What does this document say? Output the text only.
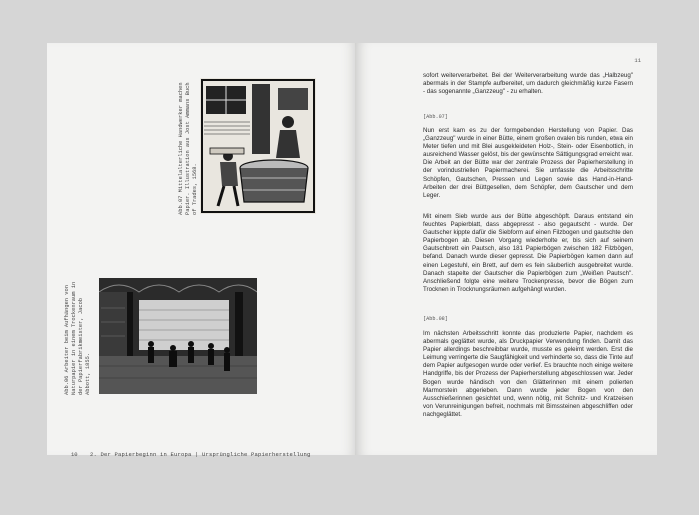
Abb.07 Mittelalterliche Handwerker machen Papier. Illustration aus Jost Ammans Buch of Trades, 1568.
Abb.06 Arbeiter beim Aufhängen von Naturpapier in einem Trockenraum in der Papierfabrikmeister, Jacob Abbott, 1855.
10 2. Der Papierbeginn in Europa | Ursprüngliche Papierherstellung
11
sofort weiterverarbeitet. Bei der Weiterverarbeitung wurde das „Halbzeug" abermals in der Stampfe aufbereitet, um dadurch gleichmäßig kurze Fasern - das sogenannte „Ganzzeug" - zu erhalten.
[Abb.07]
Nun erst kam es zu der formgebenden Herstellung von Papier. Das „Ganzzeug" wurde in einer Bütte, einem großen ovalen bis runden, etwa ein Meter tiefen und mit Blei ausgekleideten Holz-, Stein- oder Eisenbottich, in ausreichend Wasser gelöst, bis der gewünschte Sättigungsgrad erreicht war. Die Arbeit an der Bütte war der zentrale Prozess der Papierherstellung in der vorindustriellen Papiermacherei. Sie umfasste die Arbeitsschritte Schöpfen, Gautschen, Pressen und Legen sowie das Hand-in-Hand-Arbeiten der drei Büttgesellen, dem Schöpfer, dem Gautscher und dem Leger.
Mit einem Sieb wurde aus der Bütte abgeschöpft. Daraus entstand ein feuchtes Papierblatt, dass abgepresst - also gegautscht - wurde. Der Gautscher kippte dafür die Siebform auf einen Filzbogen und gautschte den Papierbogen ab. Diesen Vorgang wiederholte er, bis sich auf seinem Gautschbrett ein Pautsch, also 181 Papierbögen zwischen 182 Filzbögen, befand. Danach wurde dieser gepresst. Die Papierbögen kamen dann auf einen Legestuhl, ein Brett, auf dem es fein säuberlich ausgebreitet wurde. Danach stapelte der Gautscher die Papierbögen zum „Weißen Pautsch". Anschließend folgte eine weitere Trockenpresse, bevor die Bögen zum Trocknen in Trocknungsräumen aufgehängt wurden.
[Abb.08]
Im nächsten Arbeitsschritt konnte das produzierte Papier, nachdem es abermals geglättet wurde, als Druckpapier Verwendung finden. Damit das Papier allerdings beschreibbar wurde, musste es geleimt werden. Erst die Leimung verringerte die Saugfähigkeit und verhinderte so, dass die Tinte auf dem Papier aufgesogen wurde oder verlief. Es brauchte noch einige weitere Handgriffe, bis der Prozess der Papierherstellung abgeschlossen war. Jeder Bogen wurde händisch von den Glätterinnen mit einem polierten Marmorstein abgerieben. Dann wurde jeder Bogen von den Ausschießerinnen gesichtet und, wenn nötig, mit Schnitz- und Kratzeisen von Verunreinigungen befreit, nochmals mit Bimssteinen abgeschliffen oder nachgeglättet.
